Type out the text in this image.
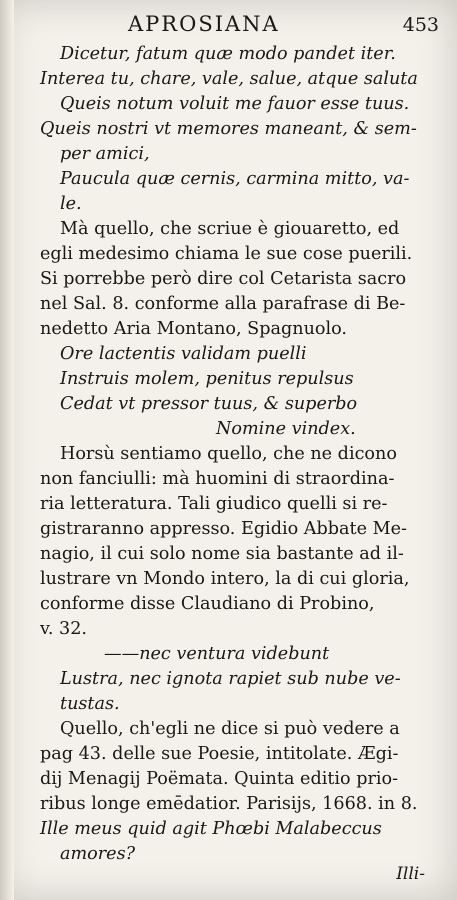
APROSIANA	453
Dicetur, fatum quæ modo pandet iter.
Interea tu, chare, vale, salue, atque saluta
Queis notum voluit me fauor esse tuus.
Queis nostri vt memores maneant, & sem-
per amici,
Paucula quæ cernis, carmina mitto, va-
le.
Mà quello, che scriue è giouaretto, ed
egli medesimo chiama le sue cose puerili.
Si porrebbe però dire col Cetarista sacro
nel Sal. 8. conforme alla parafrase di Be-
nedetto Aria Montano, Spagnuolo.
Ore lactentis validam puelli
Instruis molem, penitus repulsus
Cedat vt pressor tuus, & superbo
Nomine vindex.
Horsù sentiamo quello, che ne dicono
non fanciulli: mà huomini di straordina-
ria letteratura. Tali giudico quelli si re-
gistraranno appresso. Egidio Abbate Me-
nagio, il cui solo nome sia bastante ad il-
lustrare vn Mondo intero, la di cui gloria,
conforme disse Claudiano di Probino,
v. 32.
——nec ventura videbunt
Lustra, nec ignota rapiet sub nube ve-
tustas.
Quello, ch'egli ne dice si può vedere a
pag 43. delle sue Poesie, intitolate. Ægi-
dij Menagij Poëmata. Quinta editio prio-
ribus longe emēdatior. Parisijs, 1668. in 8.
Ille meus quid agit Phœbi Malabeccus
amores?
Illi-
